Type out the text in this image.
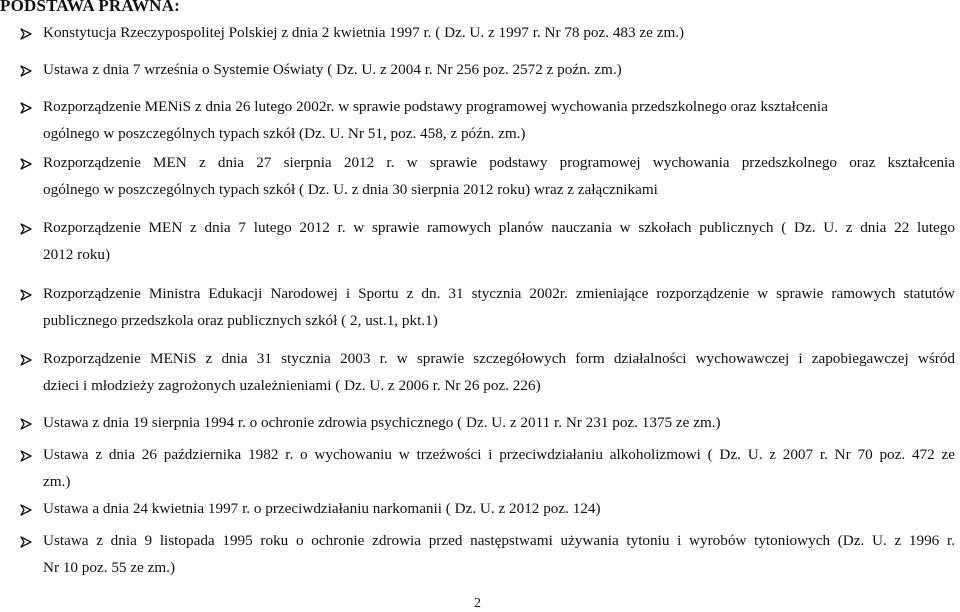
PODSTAWA PRAWNA:
Konstytucja Rzeczypospolitej Polskiej z dnia 2 kwietnia 1997 r. ( Dz. U. z 1997 r. Nr 78 poz. 483 ze zm.)
Ustawa z dnia 7 września o Systemie Oświaty ( Dz. U. z 2004 r. Nr 256 poz. 2572 z poźn. zm.)
Rozporządzenie MENiS z dnia 26 lutego 2002r. w sprawie podstawy programowej wychowania przedszkolnego oraz kształcenia
ogólnego w poszczególnych typach szkół (Dz. U. Nr 51, poz. 458, z późn. zm.)
Rozporządzenie MEN z dnia 27 sierpnia 2012 r. w sprawie podstawy programowej wychowania przedszkolnego oraz kształcenia
ogólnego w poszczególnych typach szkół ( Dz. U. z dnia 30 sierpnia 2012 roku) wraz z załącznikami
Rozporządzenie MEN z dnia 7 lutego 2012 r. w sprawie ramowych planów nauczania w szkołach publicznych ( Dz. U. z dnia 22 lutego
2012 roku)
Rozporządzenie Ministra Edukacji Narodowej i Sportu z dn. 31 stycznia 2002r. zmieniające rozporządzenie w sprawie ramowych statutów
publicznego przedszkola oraz publicznych szkół ( 2, ust.1, pkt.1)
Rozporządzenie MENiS z dnia 31 stycznia 2003 r. w sprawie szczegółowych form działalności wychowawczej i zapobiegawczej wśród
dzieci i młodzieży zagrożonych uzależnieniami ( Dz. U. z 2006 r. Nr 26 poz. 226)
Ustawa z dnia 19 sierpnia 1994 r. o ochronie zdrowia psychicznego ( Dz. U. z 2011 r. Nr 231 poz. 1375 ze zm.)
Ustawa z dnia 26 października 1982 r. o wychowaniu w trzeźwości i przeciwdziałaniu alkoholizmowi ( Dz. U. z 2007 r. Nr 70 poz. 472 ze
zm.)
Ustawa a dnia 24 kwietnia 1997 r. o przeciwdziałaniu narkomanii ( Dz. U. z 2012 poz. 124)
Ustawa z dnia 9 listopada 1995 roku o ochronie zdrowia przed następstwami używania tytoniu i wyrobów tytoniowych (Dz. U. z 1996 r.
Nr 10 poz. 55 ze zm.)
2
